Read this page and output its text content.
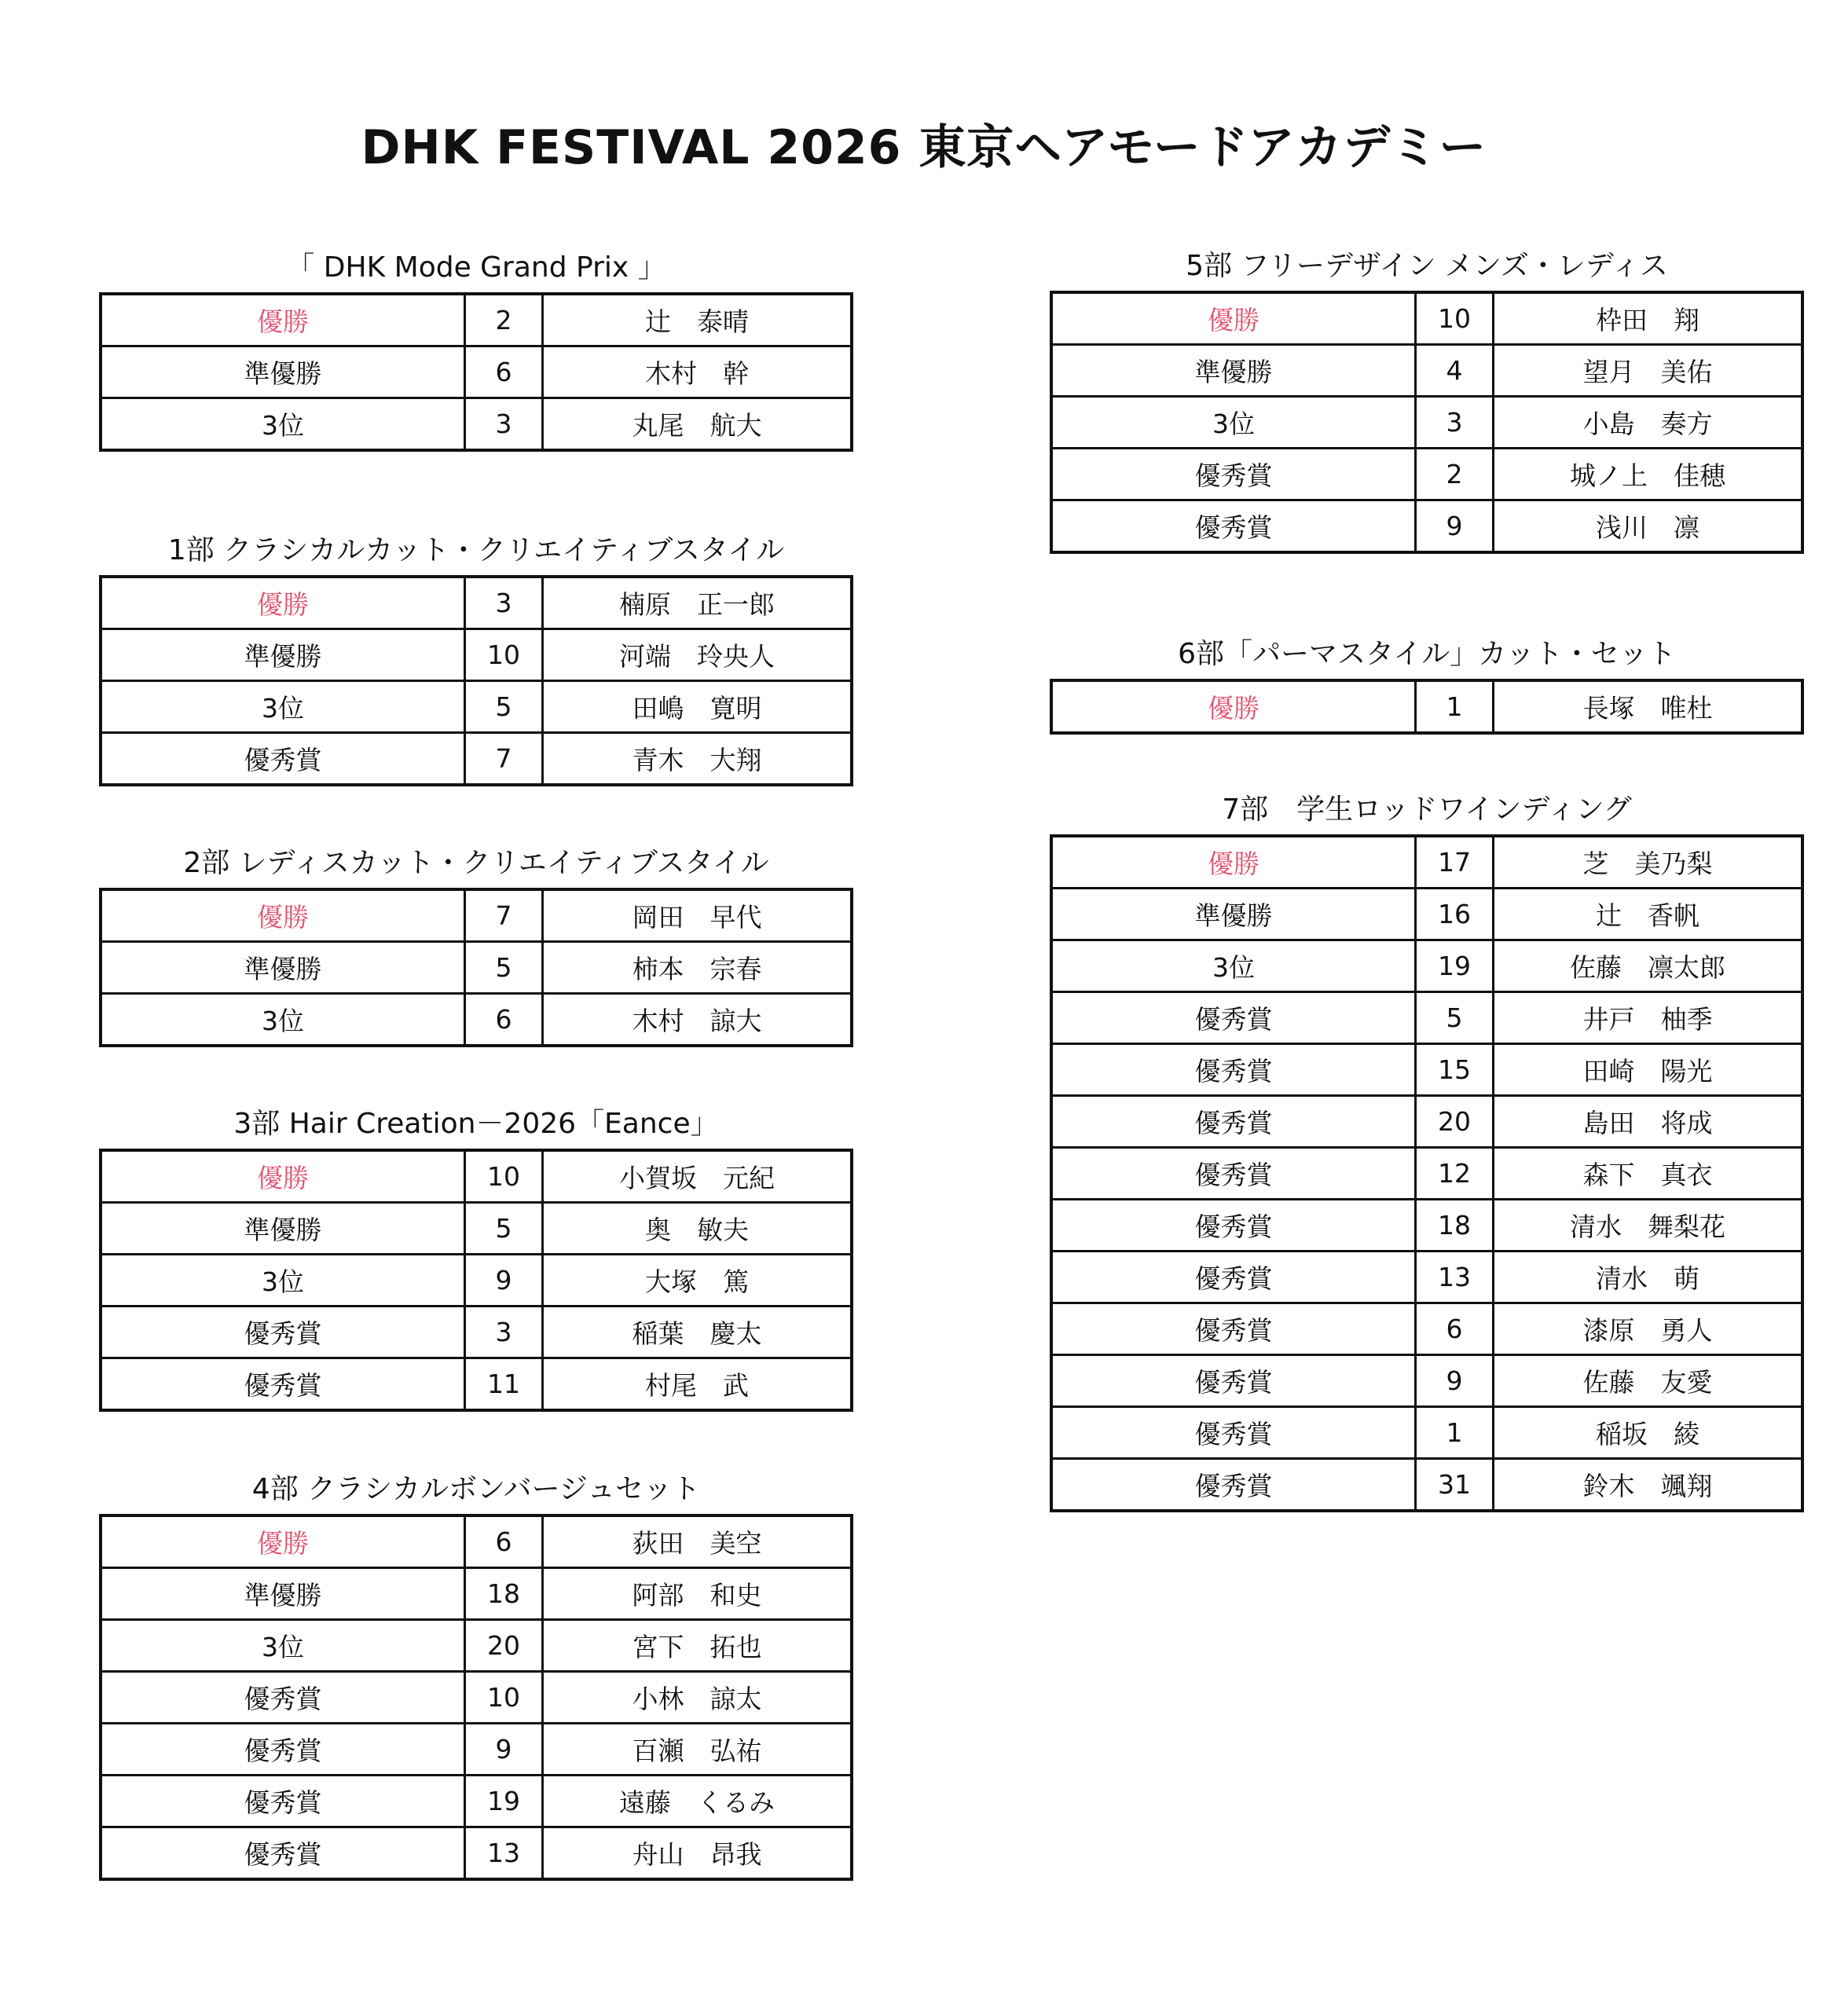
DHK FESTIVAL 2026 東京ヘアモードアカデミー
「 DHK Mode Grand Prix 」
優勝	2	辻　泰晴
準優勝	6	木村　幹
3位	3	丸尾　航大
1部 クラシカルカット・クリエイティブスタイル
優勝	3	楠原　正一郎
準優勝	10	河端　玲央人
3位	5	田嶋　寛明
優秀賞	7	青木　大翔
2部 レディスカット・クリエイティブスタイル
優勝	7	岡田　早代
準優勝	5	柿本　宗春
3位	6	木村　諒大
3部 Hair Creation－2026「Eance」
優勝	10	小賀坂　元紀
準優勝	5	奥　敏夫
3位	9	大塚　篤
優秀賞	3	稲葉　慶太
優秀賞	11	村尾　武
4部 クラシカルボンバージュセット
優勝	6	荻田　美空
準優勝	18	阿部　和史
3位	20	宮下　拓也
優秀賞	10	小林　諒太
優秀賞	9	百瀬　弘祐
優秀賞	19	遠藤　くるみ
優秀賞	13	舟山　昂我
5部 フリーデザイン メンズ・レディス
優勝	10	枠田　翔
準優勝	4	望月　美佑
3位	3	小島　奏方
優秀賞	2	城ノ上　佳穂
優秀賞	9	浅川　凛
6部「パーマスタイル」カット・セット
優勝	1	長塚　唯杜
7部　学生ロッドワインディング
優勝	17	芝　美乃梨
準優勝	16	辻　香帆
3位	19	佐藤　凛太郎
優秀賞	5	井戸　柚季
優秀賞	15	田崎　陽光
優秀賞	20	島田　将成
優秀賞	12	森下　真衣
優秀賞	18	清水　舞梨花
優秀賞	13	清水　萌
優秀賞	6	漆原　勇人
優秀賞	9	佐藤　友愛
優秀賞	1	稲坂　綾
優秀賞	31	鈴木　颯翔
